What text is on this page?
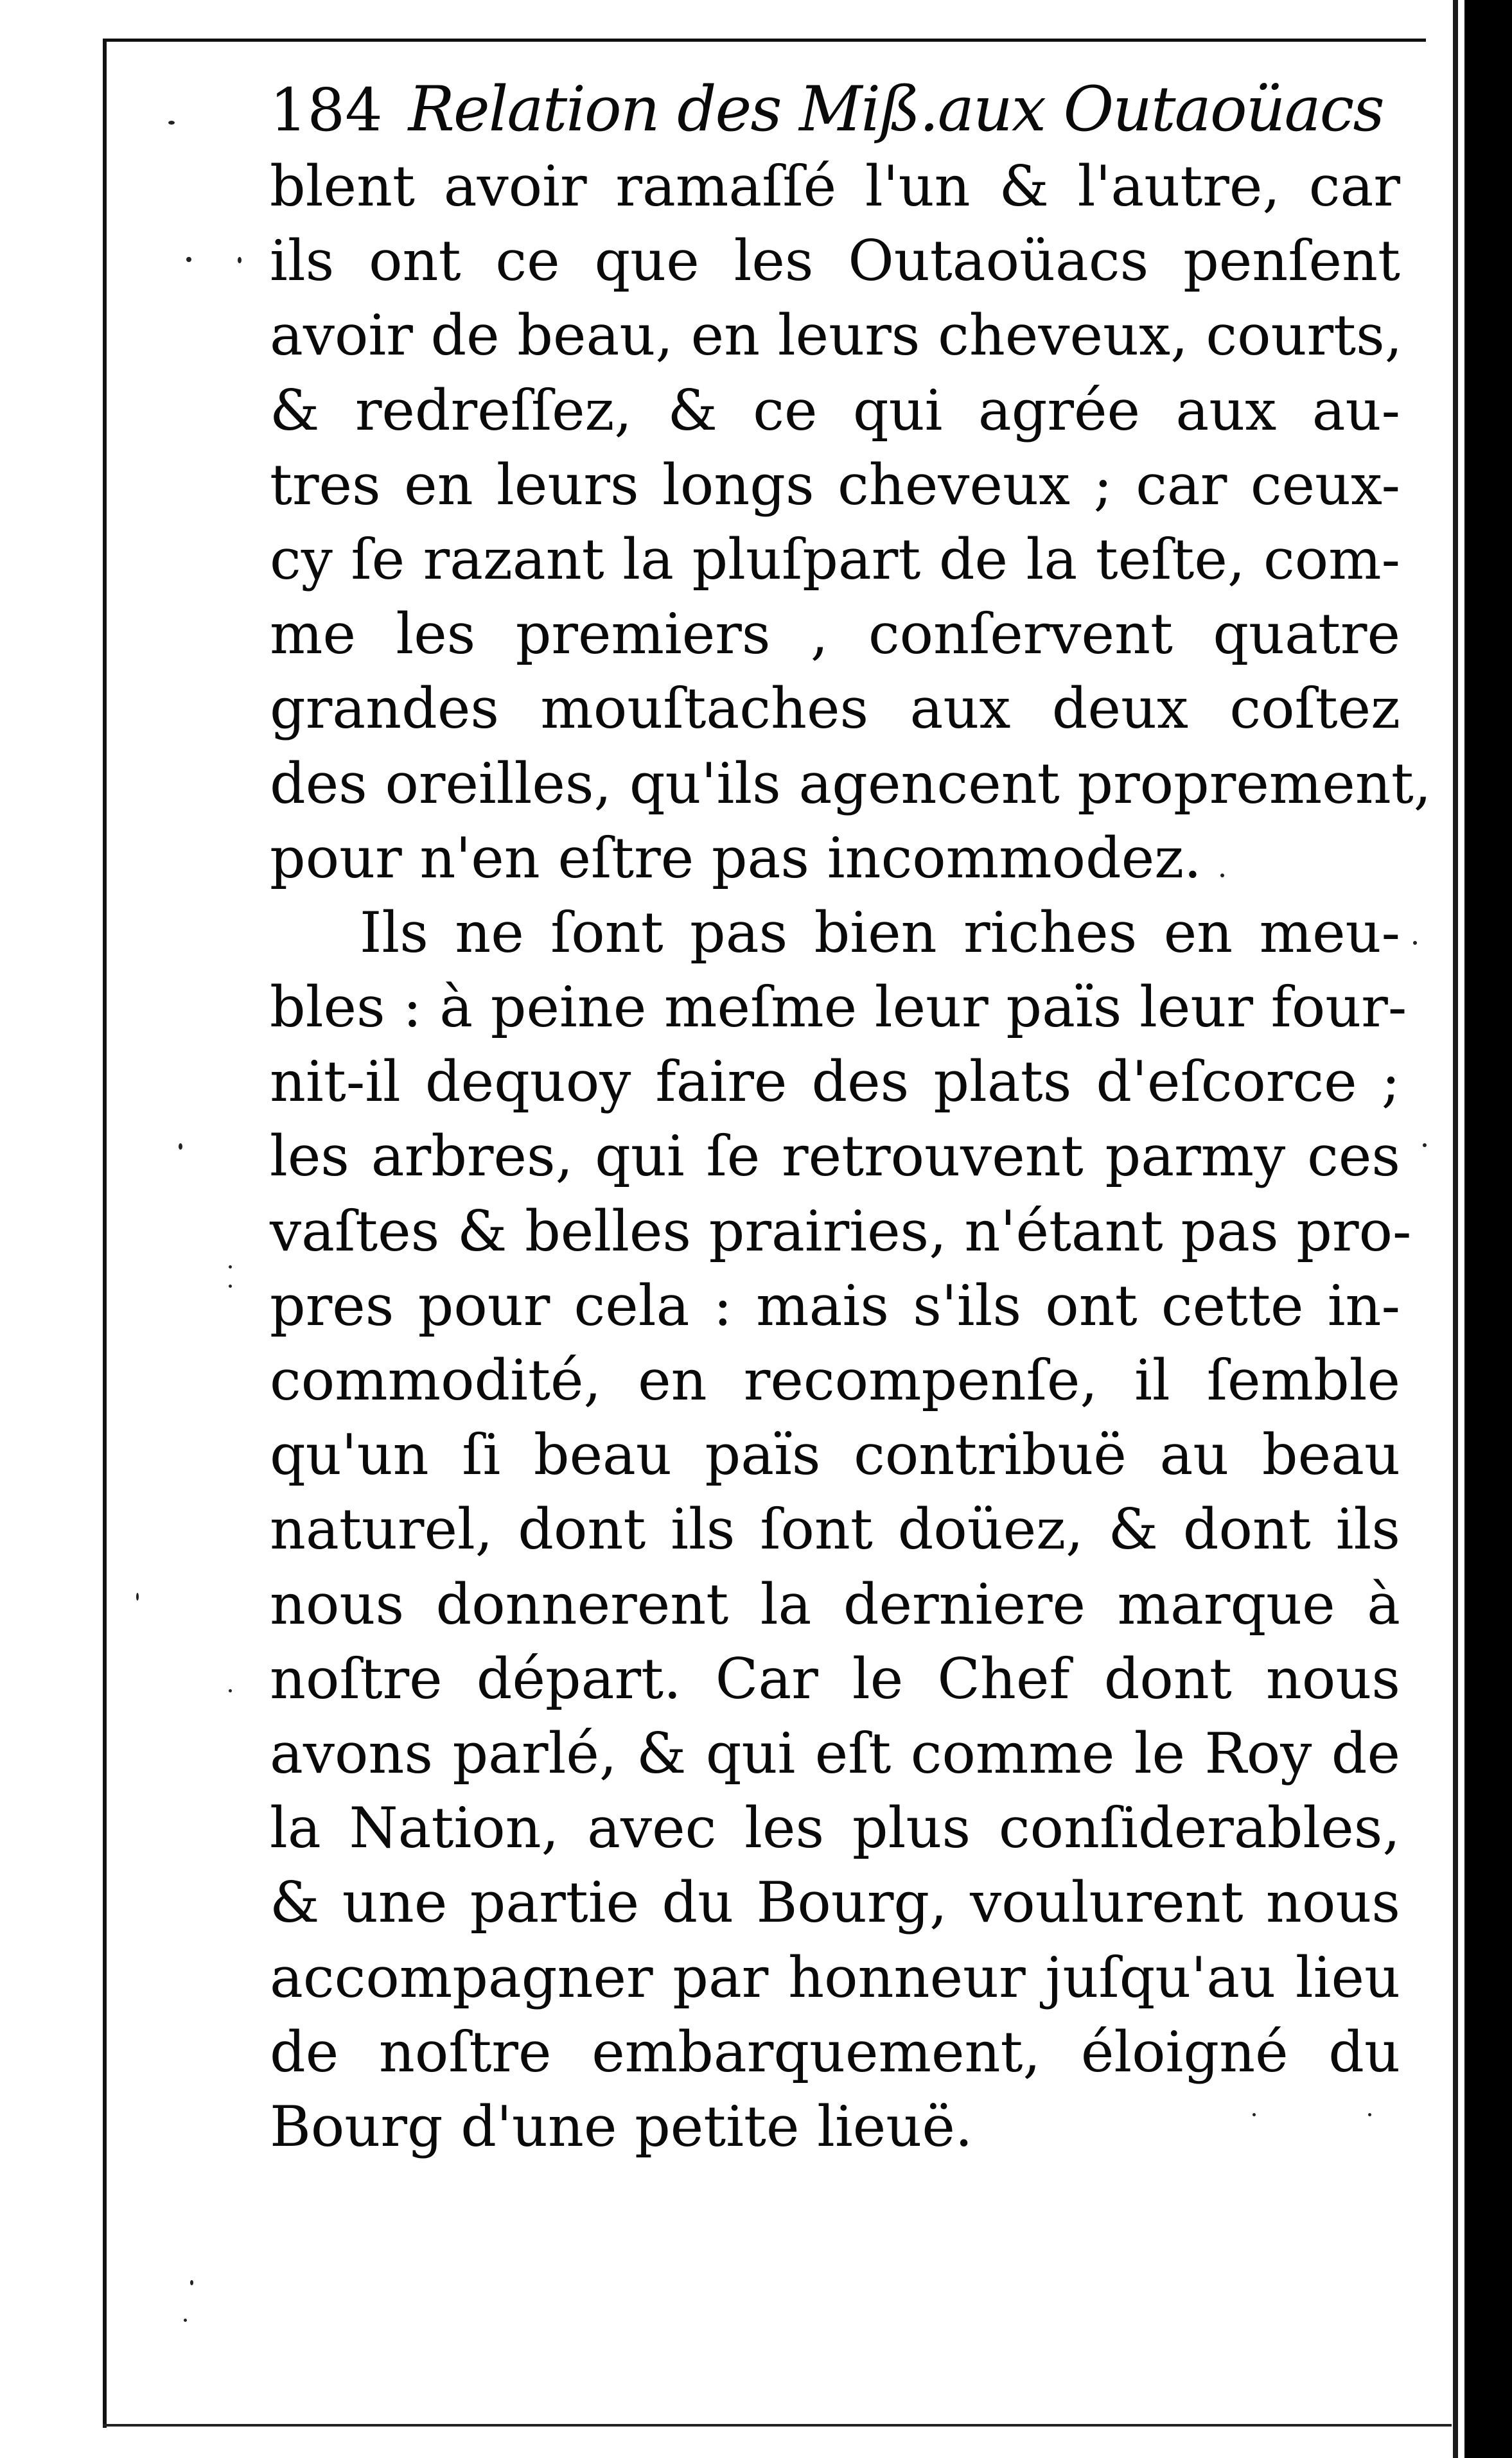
184 Relation des Miß.aux Outaoüacs
blent avoir ramaſſé l'un & l'autre, car
ils ont ce que les Outaoüacs penſent
avoir de beau, en leurs cheveux, courts,
& redreſſez, & ce qui agrée aux au-
tres en leurs longs cheveux ; car ceux-
cy ſe razant la pluſpart de la teſte, com-
me les premiers , conſervent quatre
grandes mouſtaches aux deux coſtez
des oreilles, qu'ils agencent proprement,
pour n'en eſtre pas incommodez.
Ils ne ſont pas bien riches en meu-
bles : à peine meſme leur païs leur four-
nit-il dequoy faire des plats d'eſcorce ;
les arbres, qui ſe retrouvent parmy ces
vaſtes & belles prairies, n'étant pas pro-
pres pour cela : mais s'ils ont cette in-
commodité, en recompenſe, il ſemble
qu'un ſi beau païs contribuë au beau
naturel, dont ils ſont doüez, & dont ils
nous donnerent la derniere marque à
noſtre départ. Car le Chef dont nous
avons parlé, & qui eſt comme le Roy de
la Nation, avec les plus conſiderables,
& une partie du Bourg, voulurent nous
accompagner par honneur juſqu'au lieu
de noſtre embarquement, éloigné du
Bourg d'une petite lieuë.
